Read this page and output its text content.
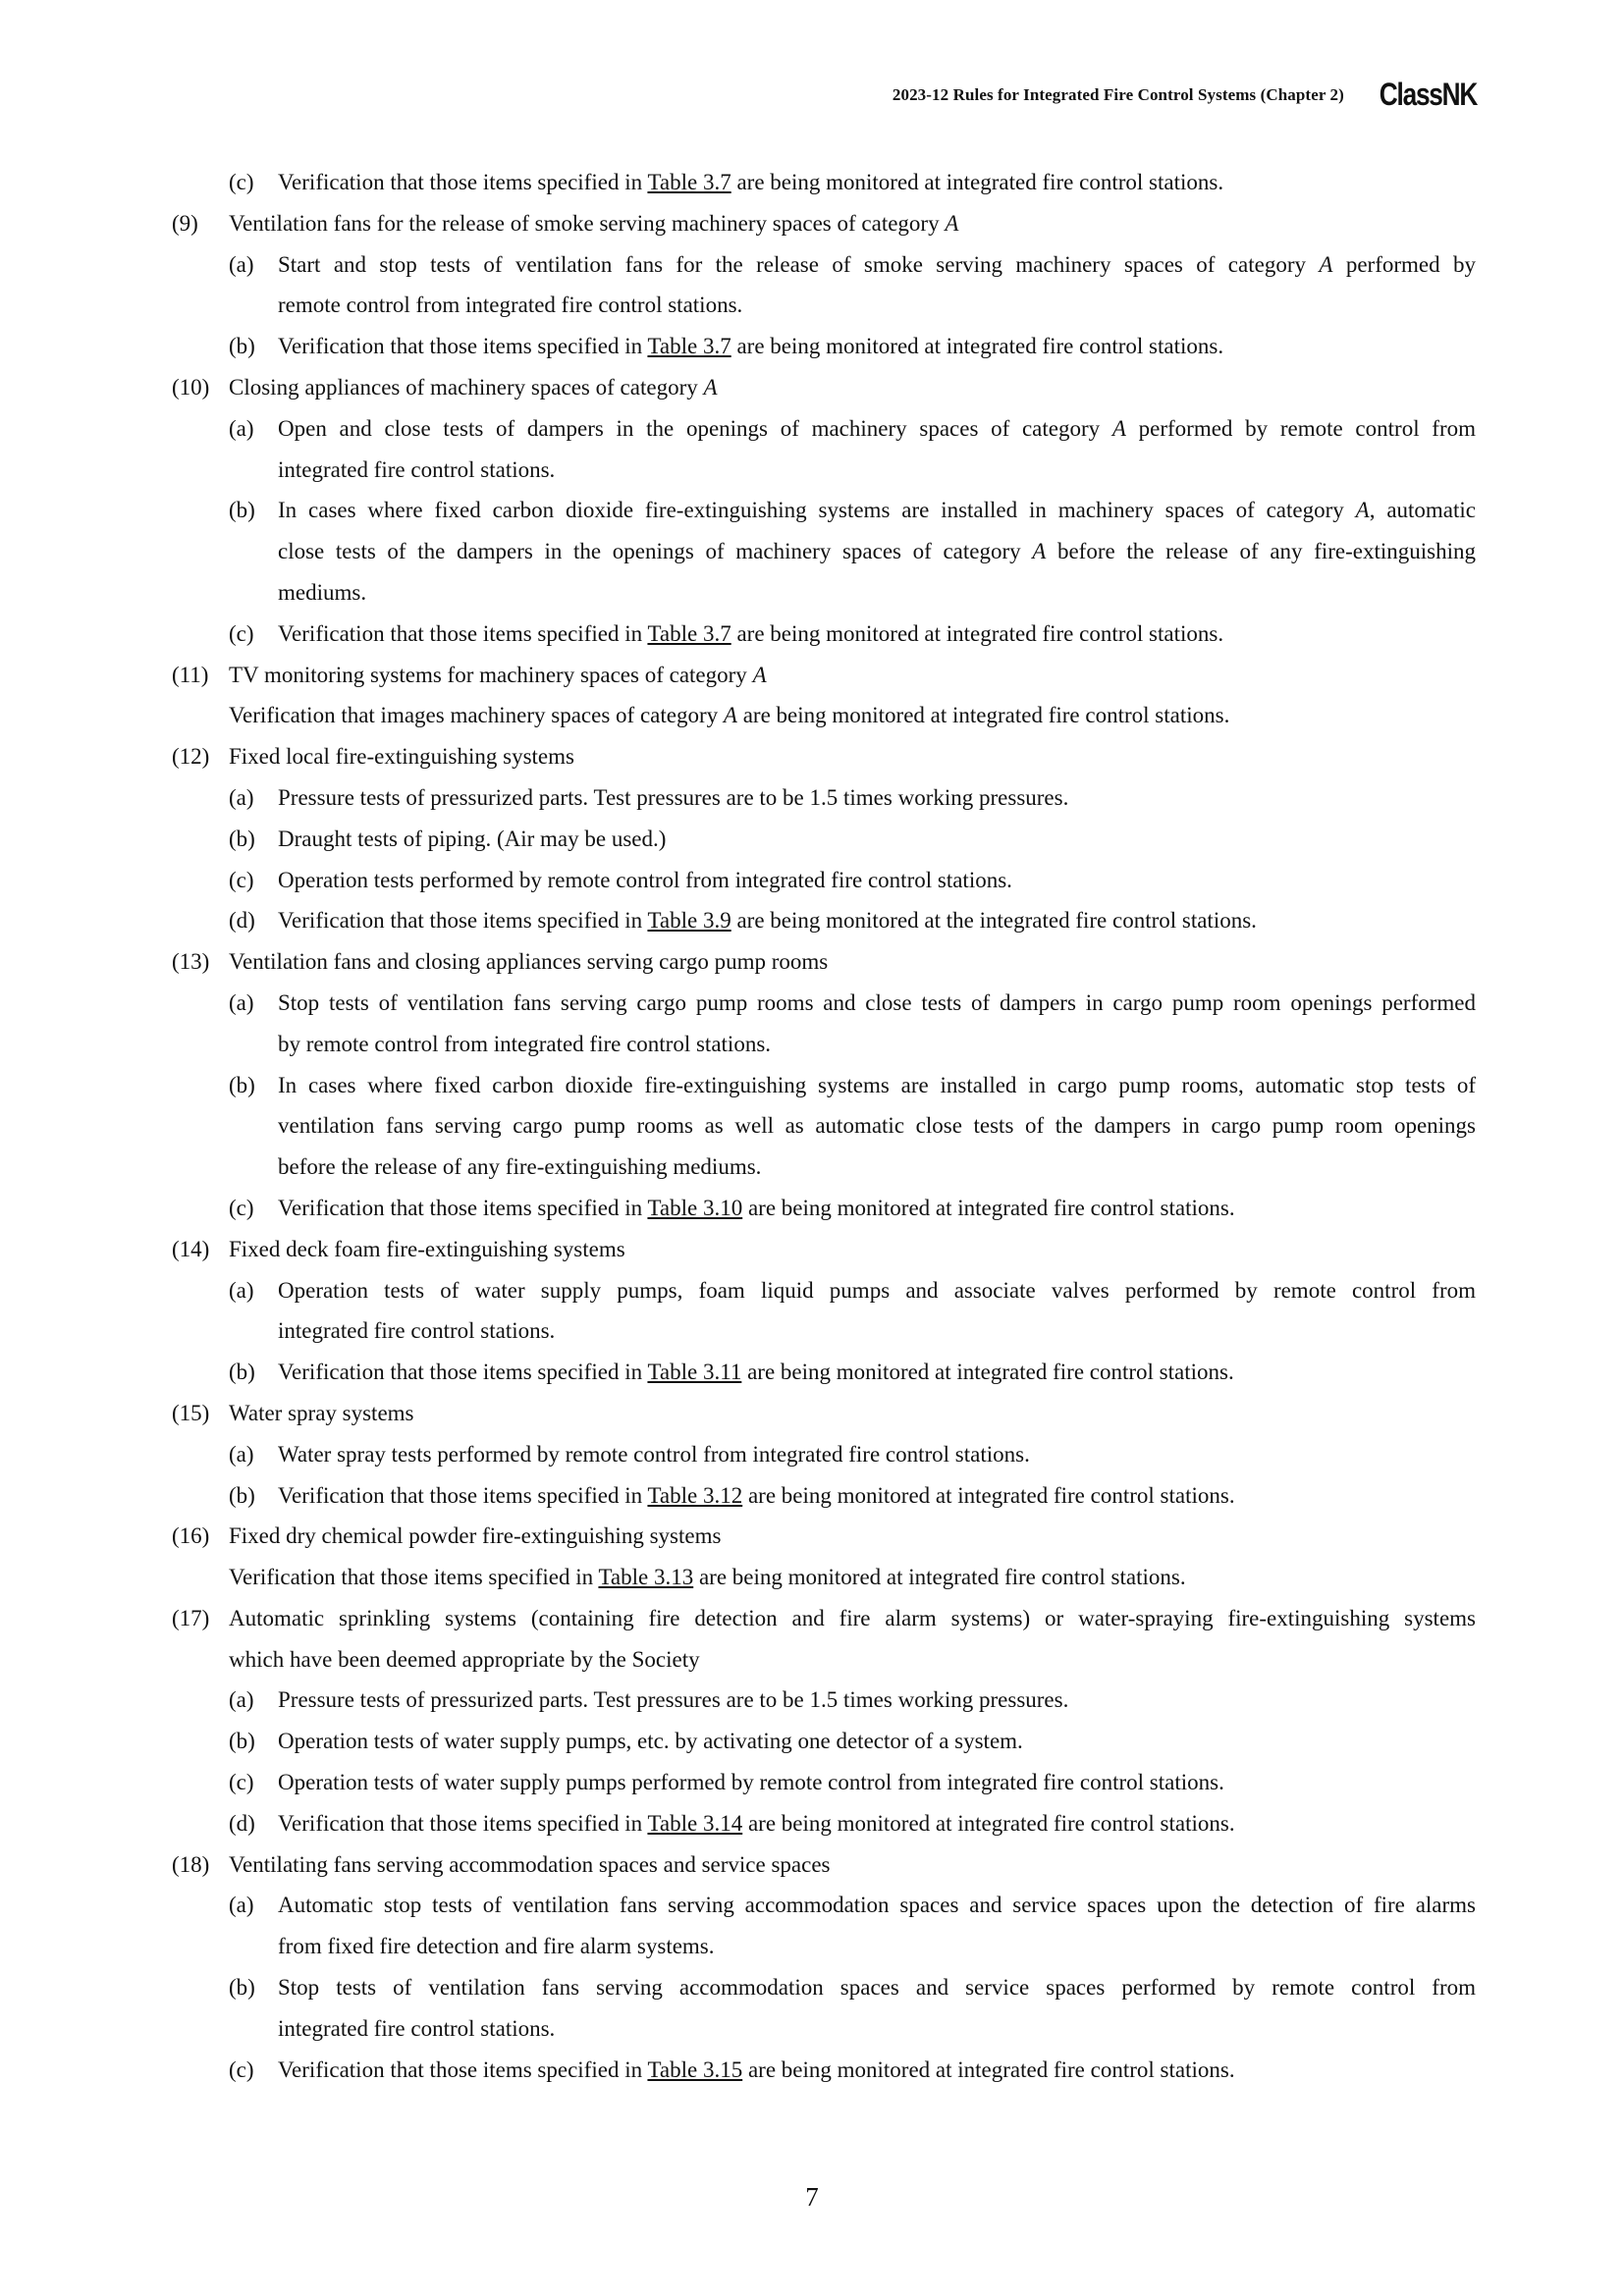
2023-12 Rules for Integrated Fire Control Systems (Chapter 2) ClassNK
(c) Verification that those items specified in Table 3.7 are being monitored at integrated fire control stations.
(9) Ventilation fans for the release of smoke serving machinery spaces of category A
(a) Start and stop tests of ventilation fans for the release of smoke serving machinery spaces of category A performed by
remote control from integrated fire control stations.
(b) Verification that those items specified in Table 3.7 are being monitored at integrated fire control stations.
(10) Closing appliances of machinery spaces of category A
(a) Open and close tests of dampers in the openings of machinery spaces of category A performed by remote control from
integrated fire control stations.
(b) In cases where fixed carbon dioxide fire-extinguishing systems are installed in machinery spaces of category A, automatic
close tests of the dampers in the openings of machinery spaces of category A before the release of any fire-extinguishing
mediums.
(c) Verification that those items specified in Table 3.7 are being monitored at integrated fire control stations.
(11) TV monitoring systems for machinery spaces of category A
Verification that images machinery spaces of category A are being monitored at integrated fire control stations.
(12) Fixed local fire-extinguishing systems
(a) Pressure tests of pressurized parts. Test pressures are to be 1.5 times working pressures.
(b) Draught tests of piping. (Air may be used.)
(c) Operation tests performed by remote control from integrated fire control stations.
(d) Verification that those items specified in Table 3.9 are being monitored at the integrated fire control stations.
(13) Ventilation fans and closing appliances serving cargo pump rooms
(a) Stop tests of ventilation fans serving cargo pump rooms and close tests of dampers in cargo pump room openings performed
by remote control from integrated fire control stations.
(b) In cases where fixed carbon dioxide fire-extinguishing systems are installed in cargo pump rooms, automatic stop tests of
ventilation fans serving cargo pump rooms as well as automatic close tests of the dampers in cargo pump room openings
before the release of any fire-extinguishing mediums.
(c) Verification that those items specified in Table 3.10 are being monitored at integrated fire control stations.
(14) Fixed deck foam fire-extinguishing systems
(a) Operation tests of water supply pumps, foam liquid pumps and associate valves performed by remote control from
integrated fire control stations.
(b) Verification that those items specified in Table 3.11 are being monitored at integrated fire control stations.
(15) Water spray systems
(a) Water spray tests performed by remote control from integrated fire control stations.
(b) Verification that those items specified in Table 3.12 are being monitored at integrated fire control stations.
(16) Fixed dry chemical powder fire-extinguishing systems
Verification that those items specified in Table 3.13 are being monitored at integrated fire control stations.
(17) Automatic sprinkling systems (containing fire detection and fire alarm systems) or water-spraying fire-extinguishing systems
which have been deemed appropriate by the Society
(a) Pressure tests of pressurized parts. Test pressures are to be 1.5 times working pressures.
(b) Operation tests of water supply pumps, etc. by activating one detector of a system.
(c) Operation tests of water supply pumps performed by remote control from integrated fire control stations.
(d) Verification that those items specified in Table 3.14 are being monitored at integrated fire control stations.
(18) Ventilating fans serving accommodation spaces and service spaces
(a) Automatic stop tests of ventilation fans serving accommodation spaces and service spaces upon the detection of fire alarms
from fixed fire detection and fire alarm systems.
(b) Stop tests of ventilation fans serving accommodation spaces and service spaces performed by remote control from
integrated fire control stations.
(c) Verification that those items specified in Table 3.15 are being monitored at integrated fire control stations.
7
